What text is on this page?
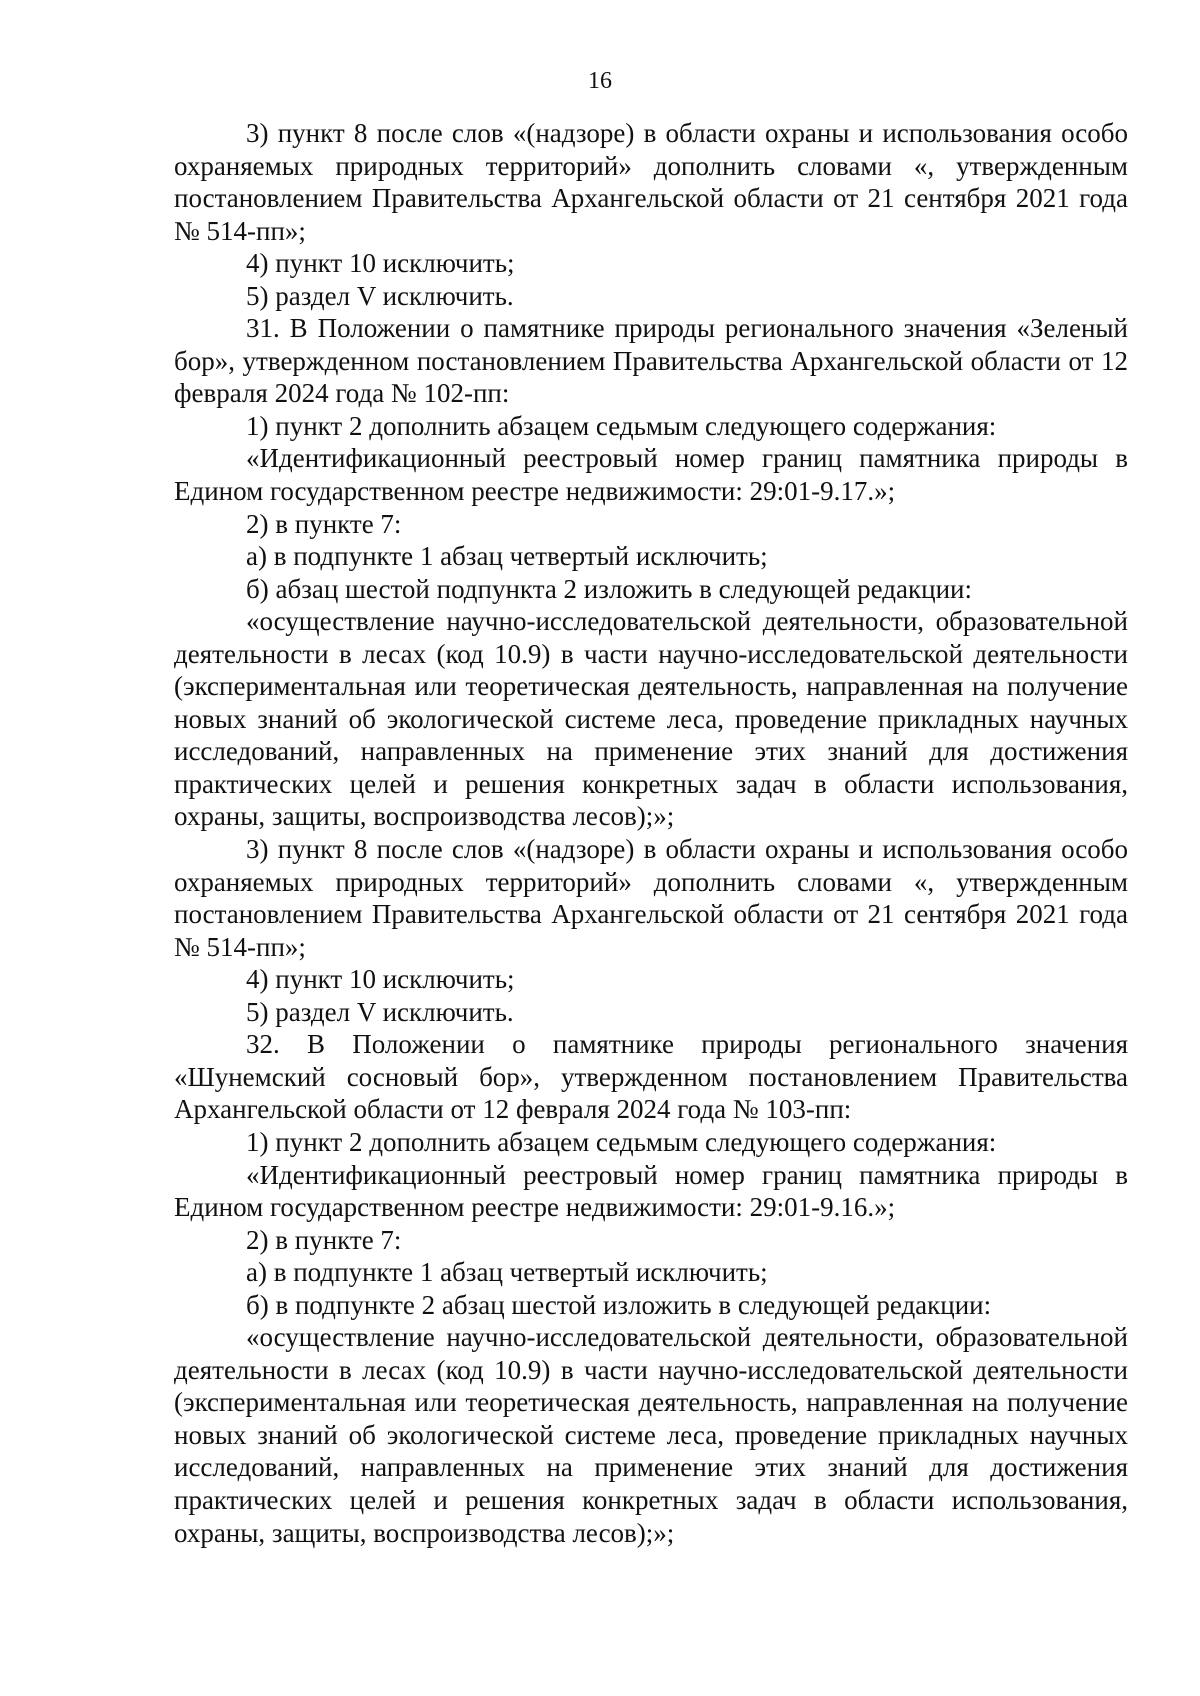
16

3) пункт 8 после слов «(надзоре) в области охраны и использования особо охраняемых природных территорий» дополнить словами «, утвержденным постановлением Правительства Архангельской области от 21 сентября 2021 года № 514-пп»;

4) пункт 10 исключить;

5) раздел V исключить.

31. В Положении о памятнике природы регионального значения «Зеленый бор», утвержденном постановлением Правительства Архангельской области от 12 февраля 2024 года № 102-пп:

1) пункт 2 дополнить абзацем седьмым следующего содержания:

«Идентификационный реестровый номер границ памятника природы в Едином государственном реестре недвижимости: 29:01-9.17.»;

2) в пункте 7:

а) в подпункте 1 абзац четвертый исключить;

б) абзац шестой подпункта 2 изложить в следующей редакции:

«осуществление научно-исследовательской деятельности, образовательной деятельности в лесах (код 10.9) в части научно-исследовательской деятельности (экспериментальная или теоретическая деятельность, направленная на получение новых знаний об экологической системе леса, проведение прикладных научных исследований, направленных на применение этих знаний для достижения практических целей и решения конкретных задач в области использования, охраны, защиты, воспроизводства лесов);»;

3) пункт 8 после слов «(надзоре) в области охраны и использования особо охраняемых природных территорий» дополнить словами «, утвержденным постановлением Правительства Архангельской области от 21 сентября 2021 года № 514-пп»;

4) пункт 10 исключить;

5) раздел V исключить.

32. В Положении о памятнике природы регионального значения «Шунемский сосновый бор», утвержденном постановлением Правительства Архангельской области от 12 февраля 2024 года № 103-пп:

1) пункт 2 дополнить абзацем седьмым следующего содержания:

«Идентификационный реестровый номер границ памятника природы в Едином государственном реестре недвижимости: 29:01-9.16.»;

2) в пункте 7:

а) в подпункте 1 абзац четвертый исключить;

б) в подпункте 2 абзац шестой изложить в следующей редакции:

«осуществление научно-исследовательской деятельности, образовательной деятельности в лесах (код 10.9) в части научно-исследовательской деятельности (экспериментальная или теоретическая деятельность, направленная на получение новых знаний об экологической системе леса, проведение прикладных научных исследований, направленных на применение этих знаний для достижения практических целей и решения конкретных задач в области использования, охраны, защиты, воспроизводства лесов);»;
